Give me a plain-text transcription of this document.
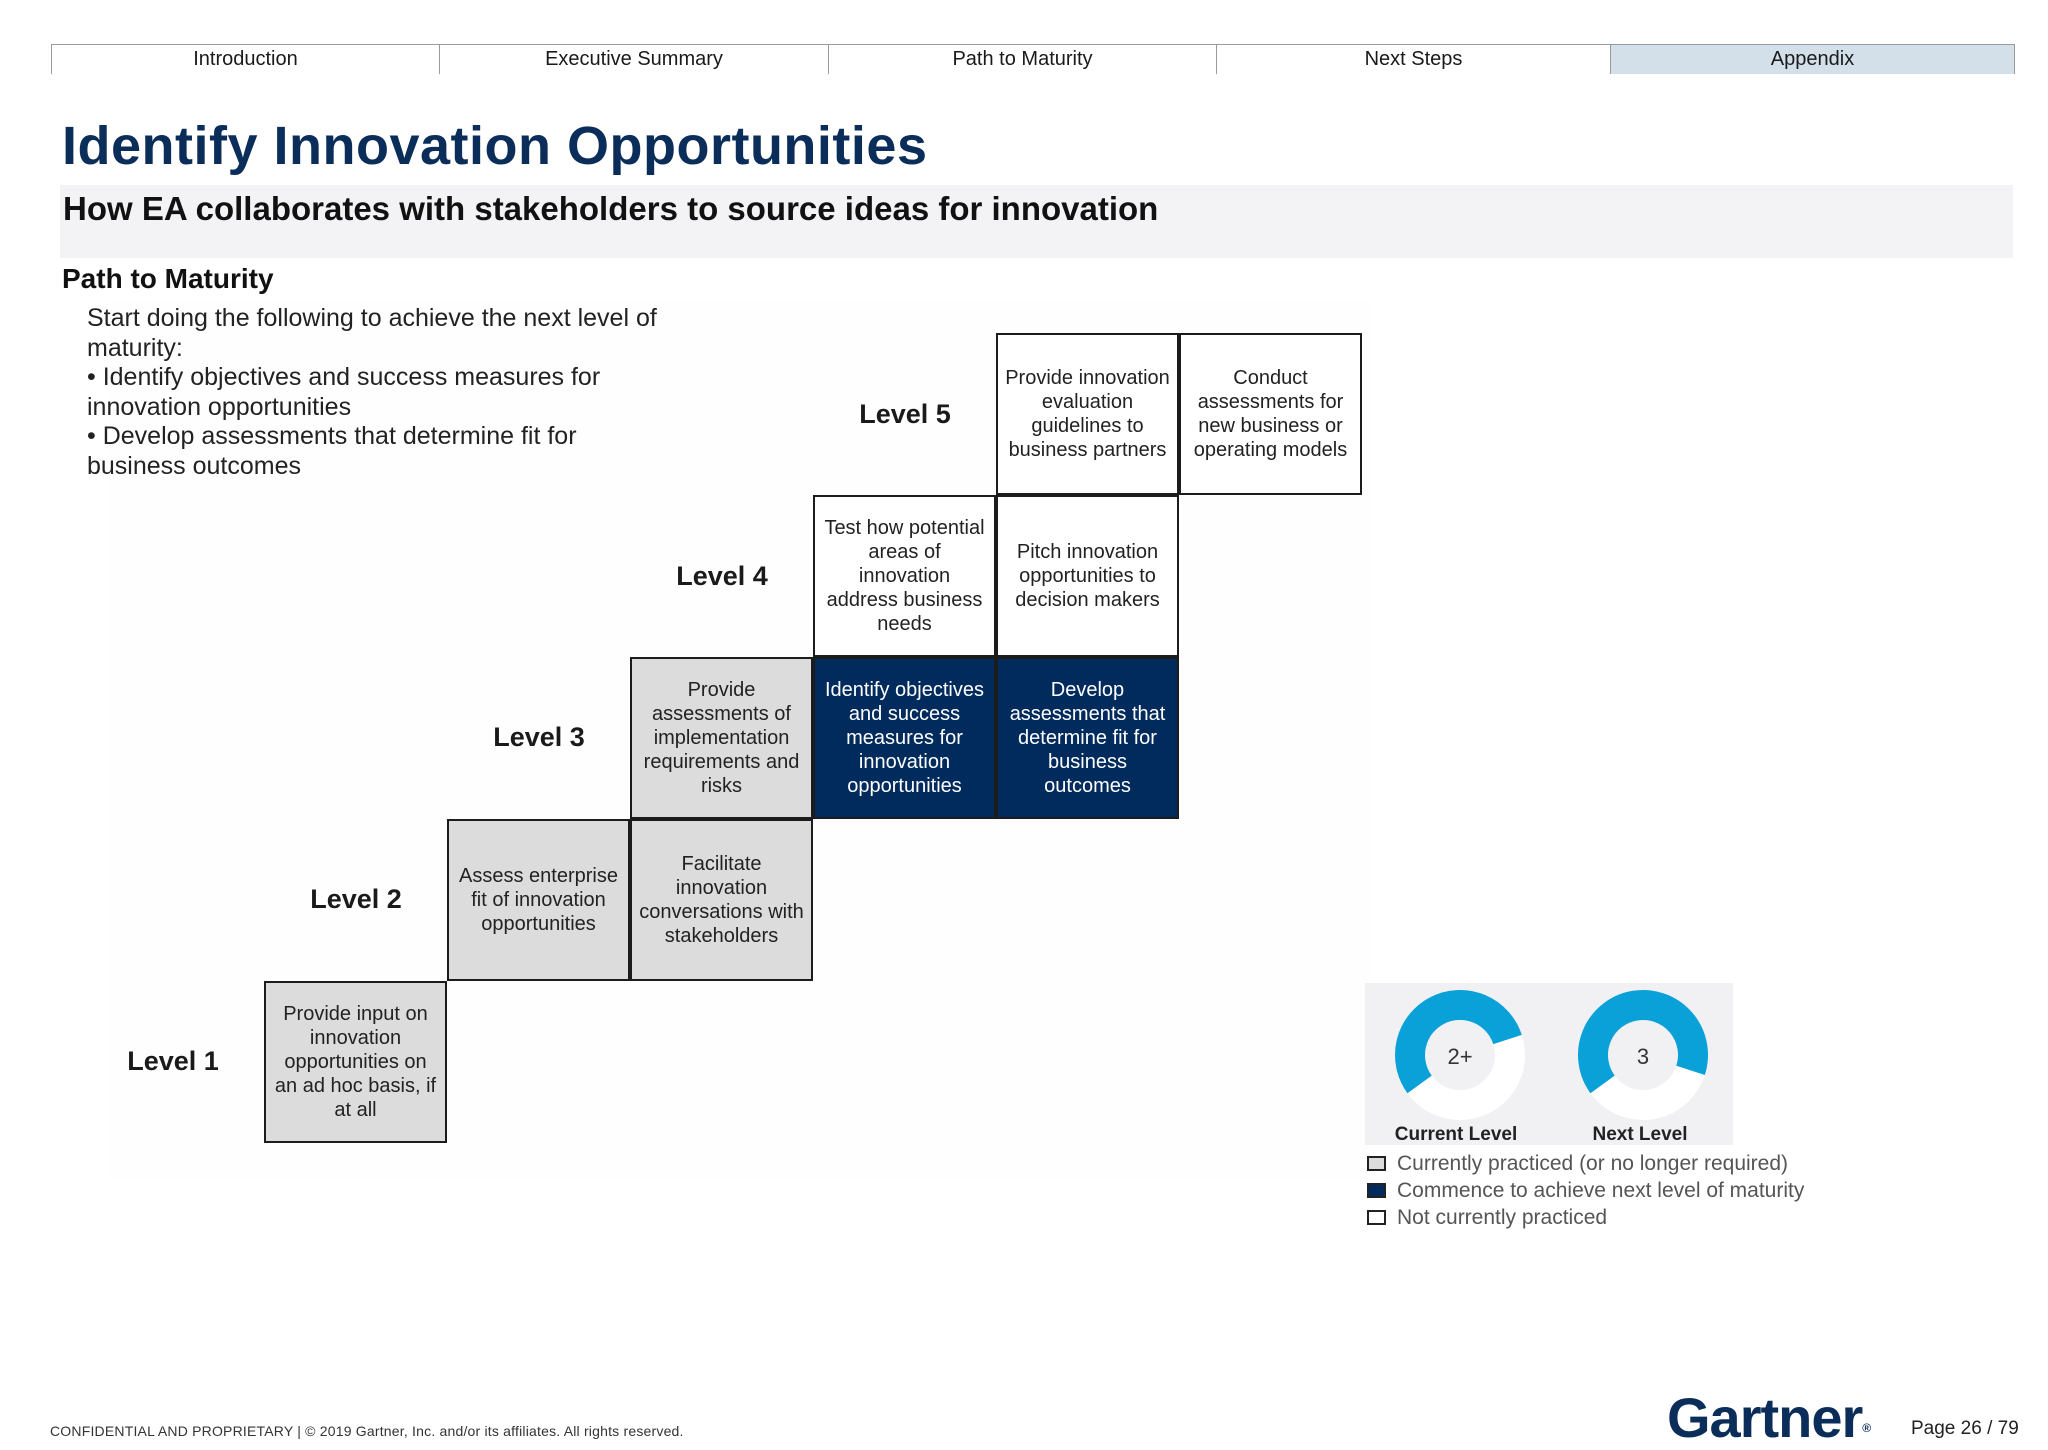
Introduction	Executive Summary	Path to Maturity	Next Steps	Appendix
Identify Innovation Opportunities
How EA collaborates with stakeholders to source ideas for innovation
Path to Maturity

Start doing the following to achieve the next level of maturity:

• Identify objectives and success measures for innovation opportunities
• Develop assessments that determine fit for business outcomes
Level 1
Level 2
Level 3
Level 4
Level 5
Provide input on innovation opportunities on an ad hoc basis, if at all
Assess enterprise fit of innovation opportunities
Facilitate innovation conversations with stakeholders
Provide assessments of implementation requirements and risks
Identify objectives and success measures for innovation opportunities
Develop assessments that determine fit for business outcomes
Test how potential areas of innovation address business needs
Pitch innovation opportunities to decision makers
Provide innovation evaluation guidelines to business partners
Conduct assessments for new business or operating models
2+	3
Current Level	Next Level
Currently practiced (or no longer required)
Commence to achieve next level of maturity
Not currently practiced
CONFIDENTIAL AND PROPRIETARY | © 2019 Gartner, Inc. and/or its affiliates. All rights reserved.	Gartner® Page 26 / 79
